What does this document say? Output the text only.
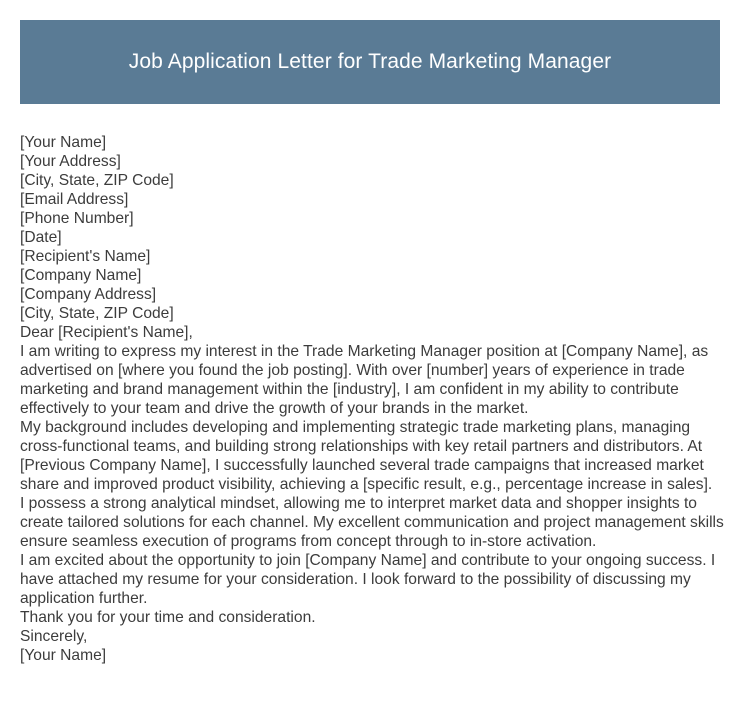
Job Application Letter for Trade Marketing Manager

[Your Name]

[Your Address]

[City, State, ZIP Code]

[Email Address]

[Phone Number]

[Date]

[Recipient's Name]

[Company Name]

[Company Address]

[City, State, ZIP Code]

Dear [Recipient's Name],

I am writing to express my interest in the Trade Marketing Manager position at [Company Name], as advertised on [where you found the job posting]. With over [number] years of experience in trade marketing and brand management within the [industry], I am confident in my ability to contribute effectively to your team and drive the growth of your brands in the market.

My background includes developing and implementing strategic trade marketing plans, managing cross-functional teams, and building strong relationships with key retail partners and distributors. At [Previous Company Name], I successfully launched several trade campaigns that increased market share and improved product visibility, achieving a [specific result, e.g., percentage increase in sales].

I possess a strong analytical mindset, allowing me to interpret market data and shopper insights to create tailored solutions for each channel. My excellent communication and project management skills ensure seamless execution of programs from concept through to in-store activation.

I am excited about the opportunity to join [Company Name] and contribute to your ongoing success. I have attached my resume for your consideration. I look forward to the possibility of discussing my application further.

Thank you for your time and consideration.

Sincerely,

[Your Name]
